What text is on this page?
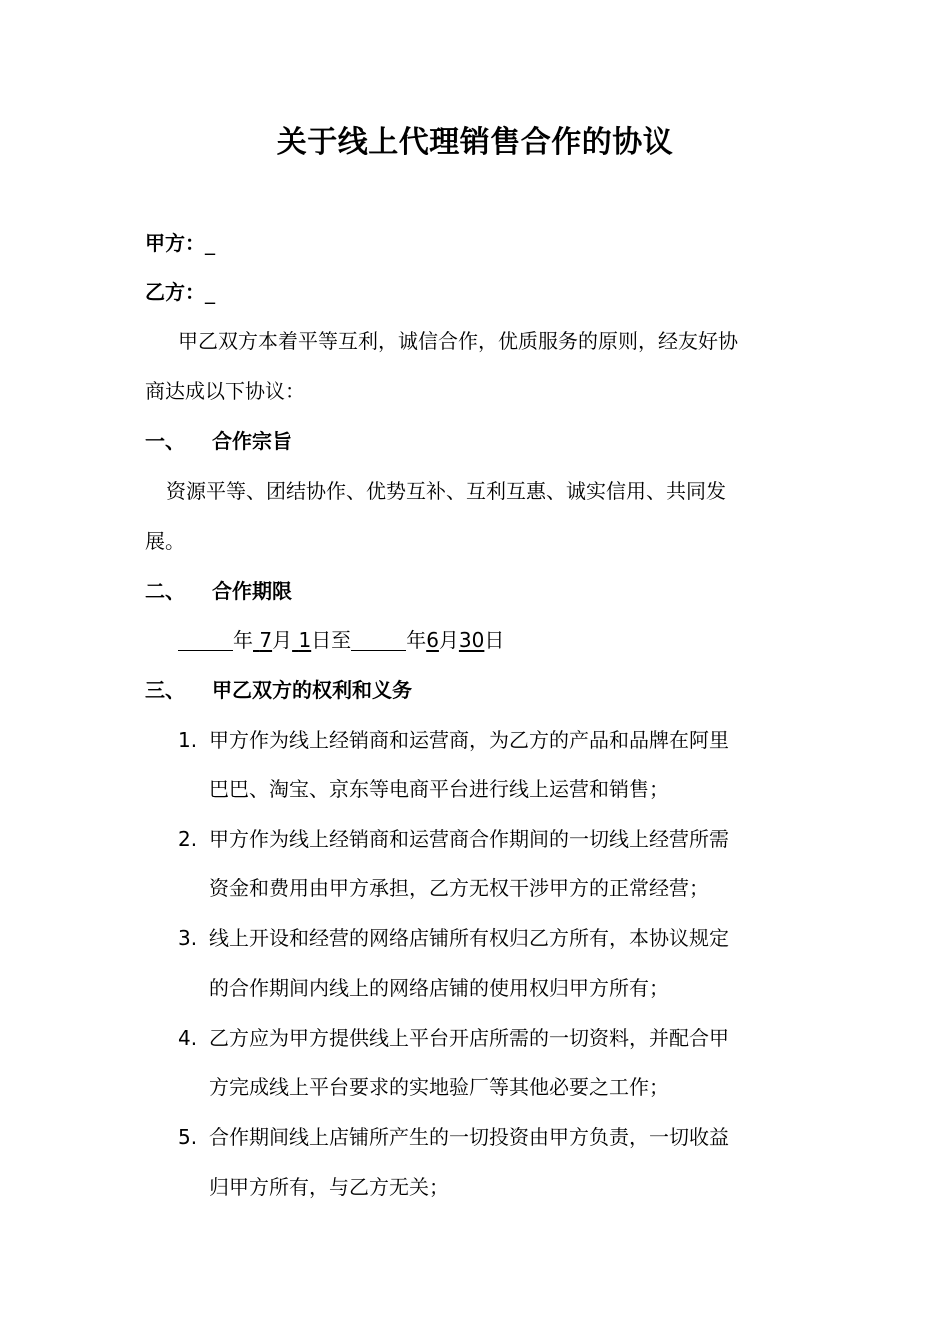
关于线上代理销售合作的协议
甲方：_
乙方：_
甲乙双方本着平等互利，诚信合作，优质服务的原则，经友好协
商达成以下协议：
一、 合作宗旨
资源平等、团结协作、优势互补、互利互惠、诚实信用、共同发
展。
二、 合作期限
年 7月 1日至	年6月30日
三、 甲乙双方的权利和义务
1. 甲方作为线上经销商和运营商，为乙方的产品和品牌在阿里
巴巴、淘宝、京东等电商平台进行线上运营和销售；
2. 甲方作为线上经销商和运营商合作期间的一切线上经营所需
资金和费用由甲方承担，乙方无权干涉甲方的正常经营；
3. 线上开设和经营的网络店铺所有权归乙方所有，本协议规定
的合作期间内线上的网络店铺的使用权归甲方所有；
4. 乙方应为甲方提供线上平台开店所需的一切资料，并配合甲
方完成线上平台要求的实地验厂等其他必要之工作；
5. 合作期间线上店铺所产生的一切投资由甲方负责，一切收益
归甲方所有，与乙方无关；
